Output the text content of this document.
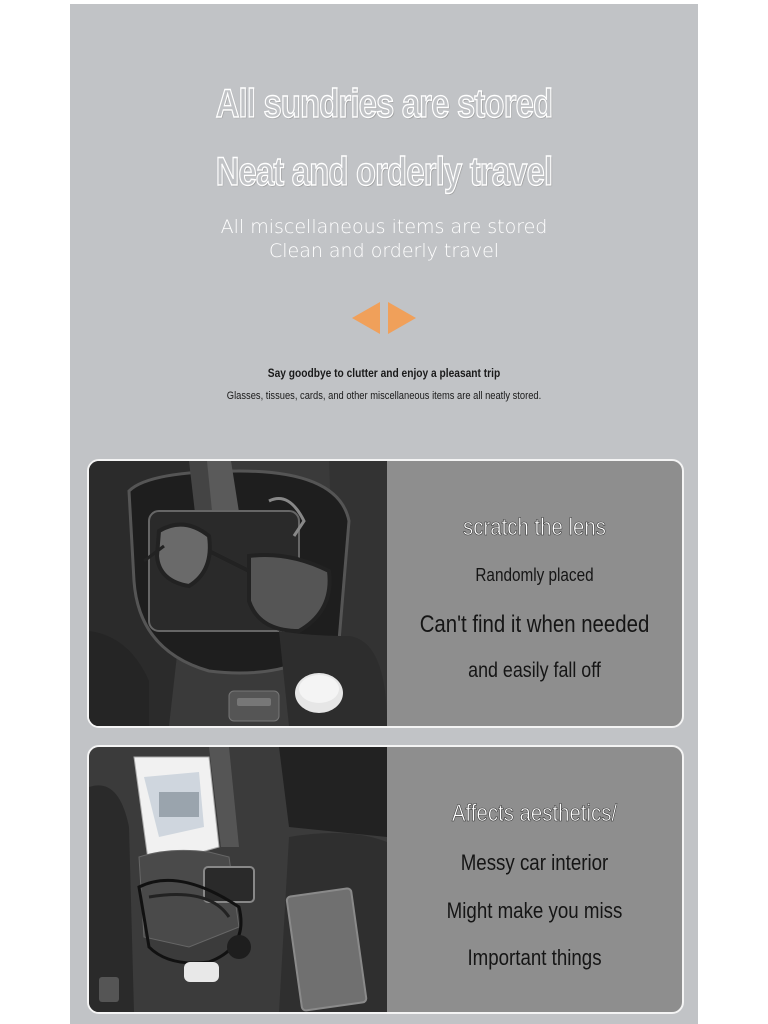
All sundries are stored
Neat and orderly travel
All miscellaneous items are stored
Clean and orderly travel
Say goodbye to clutter and enjoy a pleasant trip
Glasses, tissues, cards, and other miscellaneous items are all neatly stored.
scratch the lens
Randomly placed
Can't find it when needed
and easily fall off
Affects aesthetics/
Messy car interior
Might make you miss
Important things
